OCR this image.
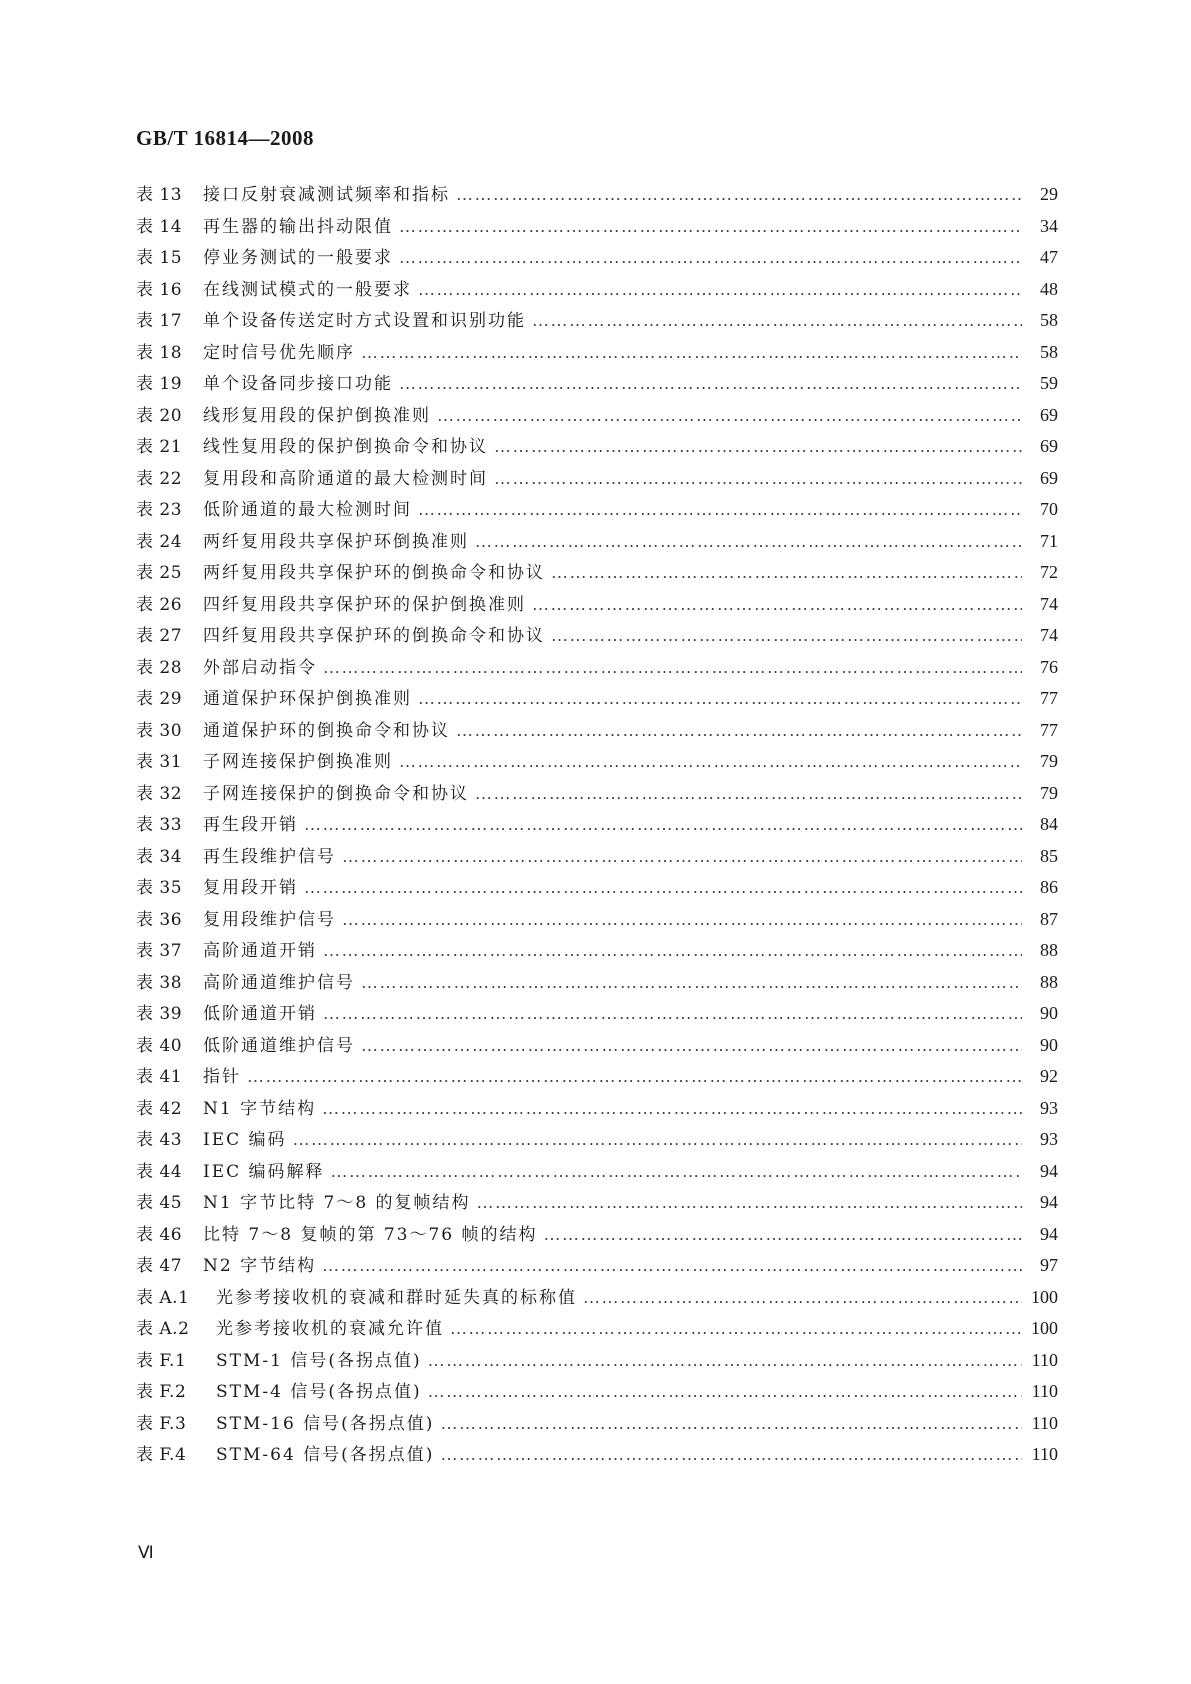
GB/T 16814—2008
表 13	接口反射衰减测试频率和指标 …………………………………………………………………………………………………………………………………………………………………………………………………………	29
表 14	再生器的输出抖动限值 …………………………………………………………………………………………………………………………………………………………………………………………………………	34
表 15	停业务测试的一般要求 …………………………………………………………………………………………………………………………………………………………………………………………………………	47
表 16	在线测试模式的一般要求 …………………………………………………………………………………………………………………………………………………………………………………………………………	48
表 17	单个设备传送定时方式设置和识别功能 …………………………………………………………………………………………………………………………………………………………………………………………………………	58
表 18	定时信号优先顺序 …………………………………………………………………………………………………………………………………………………………………………………………………………	58
表 19	单个设备同步接口功能 …………………………………………………………………………………………………………………………………………………………………………………………………………	59
表 20	线形复用段的保护倒换准则 …………………………………………………………………………………………………………………………………………………………………………………………………………	69
表 21	线性复用段的保护倒换命令和协议 …………………………………………………………………………………………………………………………………………………………………………………………………………	69
表 22	复用段和高阶通道的最大检测时间 …………………………………………………………………………………………………………………………………………………………………………………………………………	69
表 23	低阶通道的最大检测时间 …………………………………………………………………………………………………………………………………………………………………………………………………………	70
表 24	两纤复用段共享保护环倒换准则 …………………………………………………………………………………………………………………………………………………………………………………………………………	71
表 25	两纤复用段共享保护环的倒换命令和协议 …………………………………………………………………………………………………………………………………………………………………………………………………………	72
表 26	四纤复用段共享保护环的保护倒换准则 …………………………………………………………………………………………………………………………………………………………………………………………………………	74
表 27	四纤复用段共享保护环的倒换命令和协议 …………………………………………………………………………………………………………………………………………………………………………………………………………	74
表 28	外部启动指令 …………………………………………………………………………………………………………………………………………………………………………………………………………	76
表 29	通道保护环保护倒换准则 …………………………………………………………………………………………………………………………………………………………………………………………………………	77
表 30	通道保护环的倒换命令和协议 …………………………………………………………………………………………………………………………………………………………………………………………………………	77
表 31	子网连接保护倒换准则 …………………………………………………………………………………………………………………………………………………………………………………………………………	79
表 32	子网连接保护的倒换命令和协议 …………………………………………………………………………………………………………………………………………………………………………………………………………	79
表 33	再生段开销 …………………………………………………………………………………………………………………………………………………………………………………………………………	84
表 34	再生段维护信号 …………………………………………………………………………………………………………………………………………………………………………………………………………	85
表 35	复用段开销 …………………………………………………………………………………………………………………………………………………………………………………………………………	86
表 36	复用段维护信号 …………………………………………………………………………………………………………………………………………………………………………………………………………	87
表 37	高阶通道开销 …………………………………………………………………………………………………………………………………………………………………………………………………………	88
表 38	高阶通道维护信号 …………………………………………………………………………………………………………………………………………………………………………………………………………	88
表 39	低阶通道开销 …………………………………………………………………………………………………………………………………………………………………………………………………………	90
表 40	低阶通道维护信号 …………………………………………………………………………………………………………………………………………………………………………………………………………	90
表 41	指针 …………………………………………………………………………………………………………………………………………………………………………………………………………	92
表 42	N1 字节结构 …………………………………………………………………………………………………………………………………………………………………………………………………………	93
表 43	IEC 编码 …………………………………………………………………………………………………………………………………………………………………………………………………………	93
表 44	IEC 编码解释 …………………………………………………………………………………………………………………………………………………………………………………………………………	94
表 45	N1 字节比特 7～8 的复帧结构 …………………………………………………………………………………………………………………………………………………………………………………………………………	94
表 46	比特 7～8 复帧的第 73～76 帧的结构 …………………………………………………………………………………………………………………………………………………………………………………………………………	94
表 47	N2 字节结构 …………………………………………………………………………………………………………………………………………………………………………………………………………	97
表 A.1	光参考接收机的衰减和群时延失真的标称值 …………………………………………………………………………………………………………………………………………………………………………………………………………	100
表 A.2	光参考接收机的衰减允许值 …………………………………………………………………………………………………………………………………………………………………………………………………………	100
表 F.1	STM-1 信号(各拐点值) …………………………………………………………………………………………………………………………………………………………………………………………………………	110
表 F.2	STM-4 信号(各拐点值) …………………………………………………………………………………………………………………………………………………………………………………………………………	110
表 F.3	STM-16 信号(各拐点值) …………………………………………………………………………………………………………………………………………………………………………………………………………	110
表 F.4	STM-64 信号(各拐点值) …………………………………………………………………………………………………………………………………………………………………………………………………………	110
Ⅵ
